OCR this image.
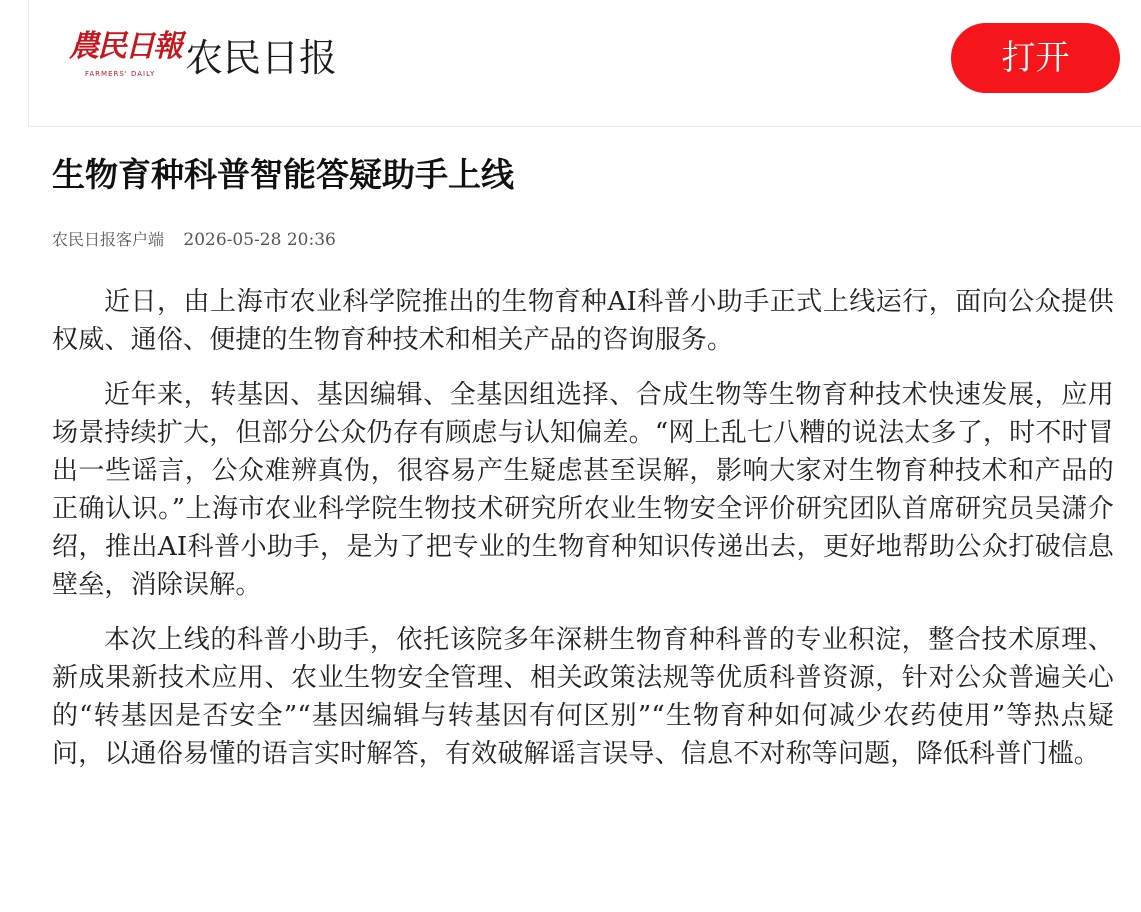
農民日報
FARMERS' DAILY 农民日报	打开
生物育种科普智能答疑助手上线
农民日报客户端 2026-05-28 20:36

近日，由上海市农业科学院推出的生物育种AI科普小助手正式上线运行，面向公众提供权威、通俗、便捷的生物育种技术和相关产品的咨询服务。

近年来，转基因、基因编辑、全基因组选择、合成生物等生物育种技术快速发展，应用场景持续扩大，但部分公众仍存有顾虑与认知偏差。“网上乱七八糟的说法太多了，时不时冒出一些谣言，公众难辨真伪，很容易产生疑虑甚至误解，影响大家对生物育种技术和产品的正确认识。”上海市农业科学院生物技术研究所农业生物安全评价研究团队首席研究员吴潇介绍，推出AI科普小助手，是为了把专业的生物育种知识传递出去，更好地帮助公众打破信息壁垒，消除误解。

本次上线的科普小助手，依托该院多年深耕生物育种科普的专业积淀，整合技术原理、新成果新技术应用、农业生物安全管理、相关政策法规等优质科普资源，针对公众普遍关心的“转基因是否安全”“基因编辑与转基因有何区别”“生物育种如何减少农药使用”等热点疑问，以通俗易懂的语言实时解答，有效破解谣言误导、信息不对称等问题，降低科普门槛。
